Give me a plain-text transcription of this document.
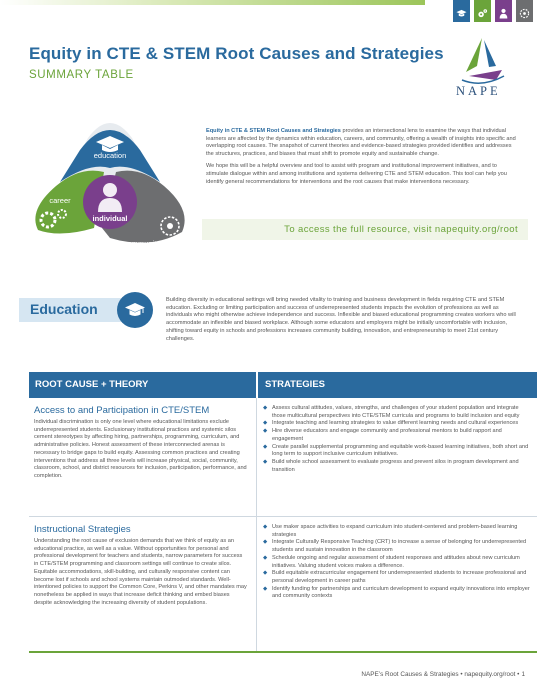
Equity in CTE & STEM Root Causes and Strategies
SUMMARY TABLE
NAPE
education
career
individual
community

Equity in CTE & STEM Root Causes and Strategies provides an intersectional lens to examine the ways that individual learners are affected by the dynamics within education, careers, and community, offering a wealth of insights into specific and overlapping root causes. The snapshot of current theories and evidence-based strategies provided identifies and addresses the structures, practices, and biases that must shift to promote equity and sustainable change.

We hope this will be a helpful overview and tool to assist with program and institutional improvement initiatives, and to stimulate dialogue within and among institutions and systems delivering CTE and STEM education. This tool can help you identify general recommendations for interventions and the root causes that make interventions necessary.

To access the full resource, visit napequity.org/root
Education
Building diversity in educational settings will bring needed vitality to training and business development in fields requiring CTE and STEM education. Excluding or limiting participation and success of underrepresented students impacts the evolution of professions as well as individuals who might otherwise achieve independence and success. Inflexible and biased educational programming creates workers who will accommodate an inflexible and biased workplace. Although some educators and employers might be initially uncomfortable with inclusion, shifting toward equity in schools and professions increases community building, innovation, and entrepreneurship to meet 21st century challenges.
ROOT CAUSE + THEORY	STRATEGIES
Access to and Participation in CTE/STEM
Individual discrimination is only one level where educational limitations exclude underrepresented students. Exclusionary institutional practices and systemic silos cement stereotypes by affecting hiring, partnerships, programming, curriculum, and administrative policies. Honest assessment of these interconnected arenas is necessary to bridge gaps to build equity. Assessing common practices and creating interventions that address all three levels will increase physical, social, community, classroom, school, and district resources for inclusion, participation, performance, and completion.
◆ Assess cultural attitudes, values, strengths, and challenges of your student population and integrate those multicultural perspectives into CTE/STEM curricula and programs to build inclusion and equity
◆ Integrate teaching and learning strategies to value different learning needs and cultural experiences
◆ Hire diverse educators and engage community and professional mentors to build rapport and engagement
◆ Create parallel supplemental programming and equitable work-based learning initiatives, both short and long term to support inclusive curriculum initiatives.
◆ Build whole school assessment to evaluate progress and prevent silos in program development and transition
Instructional Strategies
Understanding the root cause of exclusion demands that we think of equity as an educational practice, as well as a value. Without opportunities for personal and professional development for teachers and students, narrow parameters for success in CTE/STEM programming and classroom settings will continue to create silos. Equitable accommodations, skill-building, and culturally responsive content can become lost if schools and school systems maintain outmoded standards. Well-intentioned policies to support the Common Core, Perkins V, and other mandates may nonetheless be applied in ways that increase deficit thinking and embed biases despite acknowledging the increasing diversity of student populations.
◆ Use maker space activities to expand curriculum into student-centered and problem-based learning strategies
◆ Integrate Culturally Responsive Teaching (CRT) to increase a sense of belonging for underrepresented students and sustain innovation in the classroom
◆ Schedule ongoing and regular assessment of student responses and attitudes about new curriculum initiatives. Valuing student voices makes a difference.
◆ Build equitable extracurricular engagement for underrepresented students to increase professional and personal development in career paths
◆ Identify funding for partnerships and curriculum development to expand equity innovations into employer and community contexts
NAPE’s Root Causes & Strategies • napequity.org/root • 1
